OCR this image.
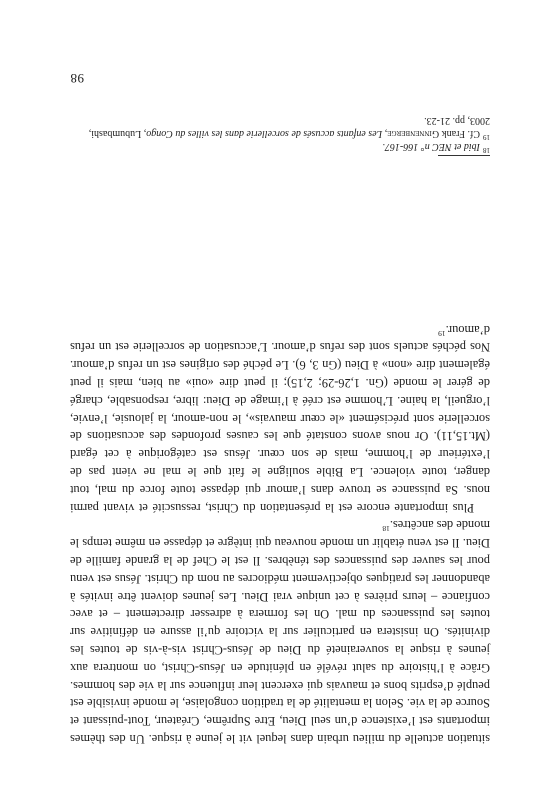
situation actuelle du milieu urbain dans lequel vit le jeune à risque. Un des thèmes importants est l’existence d’un seul Dieu, Etre Suprême, Créateur, Tout-puissant et Source de la vie. Selon la mentalité de la tradition congolaise, le monde invisible est peuplé d’esprits bons et mauvais qui exercent leur influence sur la vie des hommes. Grâce à l’histoire du salut révélé en plénitude en Jésus-Christ, on montrera aux jeunes à risque la souveraineté du Dieu de Jésus-Christ vis-à-vis de toutes les divinités. On insistera en particulier sur la victoire qu’il assure en définitive sur toutes les puissances du mal. On les formera à adresser directement – et avec confiance – leurs prières à cet unique vrai Dieu. Les jeunes doivent être invités à abandonner les pratiques objectivement médiocres au nom du Christ. Jésus est venu pour les sauver des puissances des ténèbres. Il est le Chef de la grande famille de Dieu. Il est venu établir un monde nouveau qui intègre et dépasse en même temps le monde des ancêtres.$^{18}$

Plus importante encore est la présentation du Christ, ressuscité et vivant parmi nous. Sa puissance se trouve dans l’amour qui dépasse toute force du mal, tout danger, toute violence. La Bible souligne le fait que le mal ne vient pas de l’extérieur de l’homme, mais de son cœur. Jésus est catégorique à cet égard (Mt.15,11). Or nous avons constaté que les causes profondes des accusations de sorcellerie sont précisément «le cœur mauvais», le non-amour, la jalousie, l’envie, l’orgueil, la haine. L’homme est créé à l’image de Dieu: libre, responsable, chargé de gérer le monde (Gn. 1,26-29; 2,15); il peut dire «oui» au bien, mais il peut également dire «non» à Dieu (Gn 3, 6). Le péché des origines est un refus d’amour. Nos péchés actuels sont des refus d’amour. L’accusation de sorcellerie est un refus d’amour.$^{19}$

$^{18}$Ibid et NEC n° 166-167.

$^{19}$Cf. Frank Ginnenberge, Les enfants accusés de sorcellerie dans les villes du Congo, Lubumbashi, 2003, pp. 21-23.

98
